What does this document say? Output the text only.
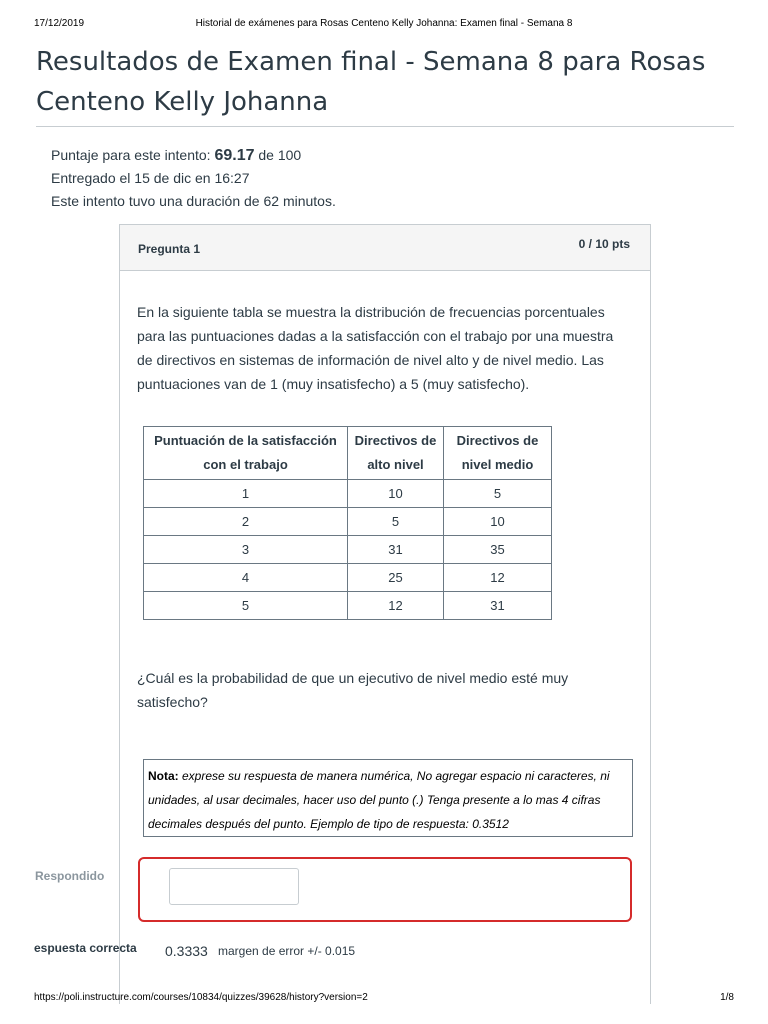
17/12/2019	Historial de exámenes para Rosas Centeno Kelly Johanna: Examen final - Semana 8
Resultados de Examen final - Semana 8 para Rosas Centeno Kelly Johanna
Puntaje para este intento: 69.17 de 100
Entregado el 15 de dic en 16:27
Este intento tuvo una duración de 62 minutos.
Pregunta 1	0 / 10 pts
En la siguiente tabla se muestra la distribución de frecuencias porcentuales para las puntuaciones dadas a la satisfacción con el trabajo por una muestra de directivos en sistemas de información de nivel alto y de nivel medio. Las puntuaciones van de 1 (muy insatisfecho) a 5 (muy satisfecho).
Puntuación de la satisfacción con el trabajo	Directivos de alto nivel	Directivos de nivel medio
1	10	5
2	5	10
3	31	35
4	25	12
5	12	31
¿Cuál es la probabilidad de que un ejecutivo de nivel medio esté muy satisfecho?
Nota: exprese su respuesta de manera numérica, No agregar espacio ni caracteres, ni unidades, al usar decimales, hacer uso del punto (.) Tenga presente a lo mas 4 cifras decimales después del punto. Ejemplo de tipo de respuesta: 0.3512
Respondido
espuesta correcta 0.3333 margen de error +/- 0.015
https://poli.instructure.com/courses/10834/quizzes/39628/history?version=2	1/8
